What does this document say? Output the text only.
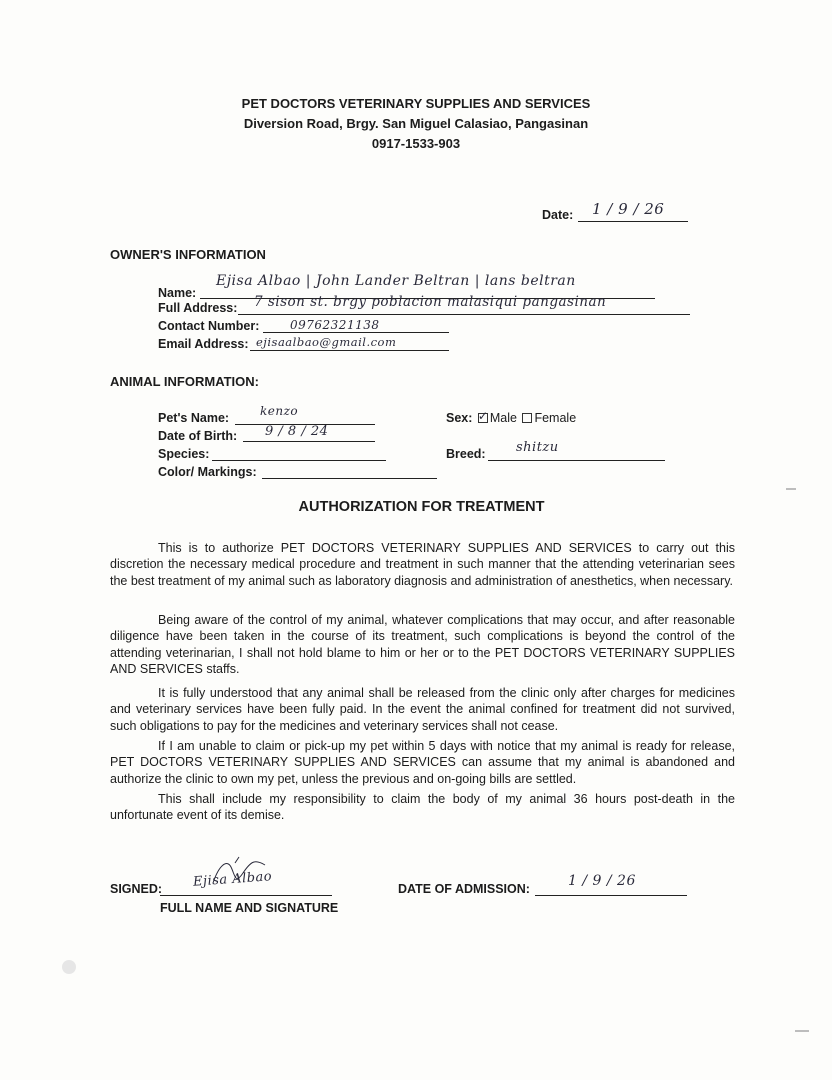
PET DOCTORS VETERINARY SUPPLIES AND SERVICES
Diversion Road, Brgy. San Miguel Calasiao, Pangasinan
0917-1533-903
Date: 1 / 9 / 26
OWNER'S INFORMATION
Name:
Ejisa Albao | John Lander Beltran | lans beltran
Full Address: 7 sison st. brgy poblacion malasiqui pangasinan
Contact Number:	09762321138
Email Address: ejisaalbao@gmail.com
ANIMAL INFORMATION:
Pet's Name:	kenzo
Date of Birth: 9 / 8 / 24
Species:
Color/ Markings:
Sex: ✓ Male Female
Breed: shitzu
AUTHORIZATION FOR TREATMENT

This is to authorize PET DOCTORS VETERINARY SUPPLIES AND SERVICES to carry out this discretion the necessary medical procedure and treatment in such manner that the attending veterinarian sees the best treatment of my animal such as laboratory diagnosis and administration of anesthetics, when necessary.

Being aware of the control of my animal, whatever complications that may occur, and after reasonable diligence have been taken in the course of its treatment, such complications is beyond the control of the attending veterinarian, I shall not hold blame to him or her or to the PET DOCTORS VETERINARY SUPPLIES AND SERVICES staffs.

It is fully understood that any animal shall be released from the clinic only after charges for medicines and veterinary services have been fully paid. In the event the animal confined for treatment did not survived, such obligations to pay for the medicines and veterinary services shall not cease.

If I am unable to claim or pick-up my pet within 5 days with notice that my animal is ready for release, PET DOCTORS VETERINARY SUPPLIES AND SERVICES can assume that my animal is abandoned and authorize the clinic to own my pet, unless the previous and on-going bills are settled.

This shall include my responsibility to claim the body of my animal 36 hours post-death in the unfortunate event of its demise.

SIGNED: Ejisa Albao
FULL NAME AND SIGNATURE
DATE OF ADMISSION:	1 / 9 / 26
